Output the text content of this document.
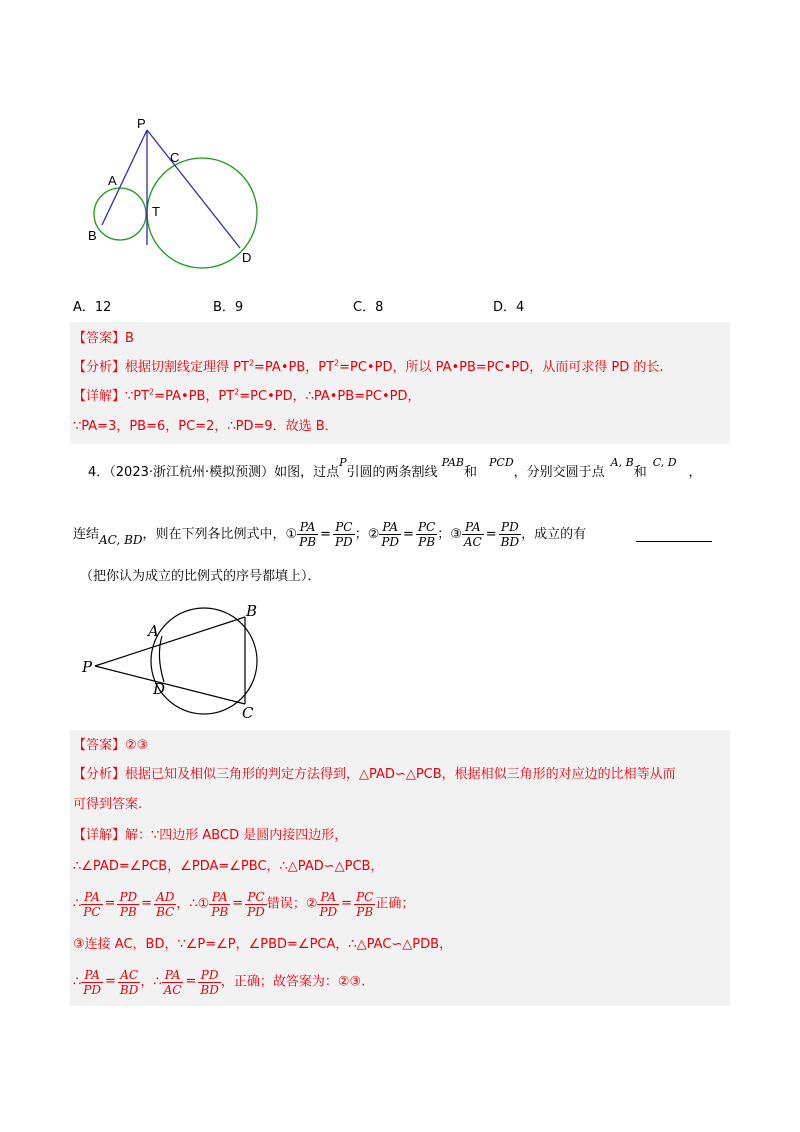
P
C
A
T
B
D
A．12	B．9	C．8	D．4
【答案】B
【分析】根据切割线定理得 $PT^2=PA•PB$，$PT^2=PC•PD$，所以 PA•PB=PC•PD，从而可求得 PD 的长.
【详解】$\because PT^2=PA•PB$，$PT^2=PC•PD$，∴PA•PB=PC•PD，
∵PA=3，PB=6，PC=2，∴PD=9．故选 B．
4．（2023·浙江杭州·模拟预测）如图，过点$^P$引圆的两条割线$^{PAB}$和$^{PCD}$，分别交圆于点$^{A, B}$和$^{C, D}$，
连结AC, BD，则在下列各比例式中，① $\frac{PA}{PB} = \frac{PC}{PD}$ ；② $\frac{PA}{PD} = \frac{PC}{PB}$ ；③ $\frac{PA}{AC} = \frac{PD}{BD}$ ，成立的有
（把你认为成立的比例式的序号都填上）．
P
A
B
D
C
【答案】②③
【分析】根据已知及相似三角形的判定方法得到，△PAD∽△PCB，根据相似三角形的对应边的比相等从而
可得到答案.
【详解】解：∵四边形 ABCD 是圆内接四边形，
∴∠PAD=∠PCB，∠PDA=∠PBC，∴△PAD∽△PCB，
∴ $\frac{PA}{PC} = \frac{PD}{PB} = \frac{AD}{BC}$ ，∴① $\frac{PA}{PB} = \frac{PC}{PD}$ 错误；② $\frac{PA}{PD} = \frac{PC}{PB}$ 正确；
③连接 AC，BD，∵∠P=∠P，∠PBD=∠PCA，∴△PAC∽△PDB，
∴ $\frac{PA}{PD} = \frac{AC}{BD}$ ，∴ $\frac{PA}{AC} = \frac{PD}{BD}$ ，正确；故答案为：②③.
